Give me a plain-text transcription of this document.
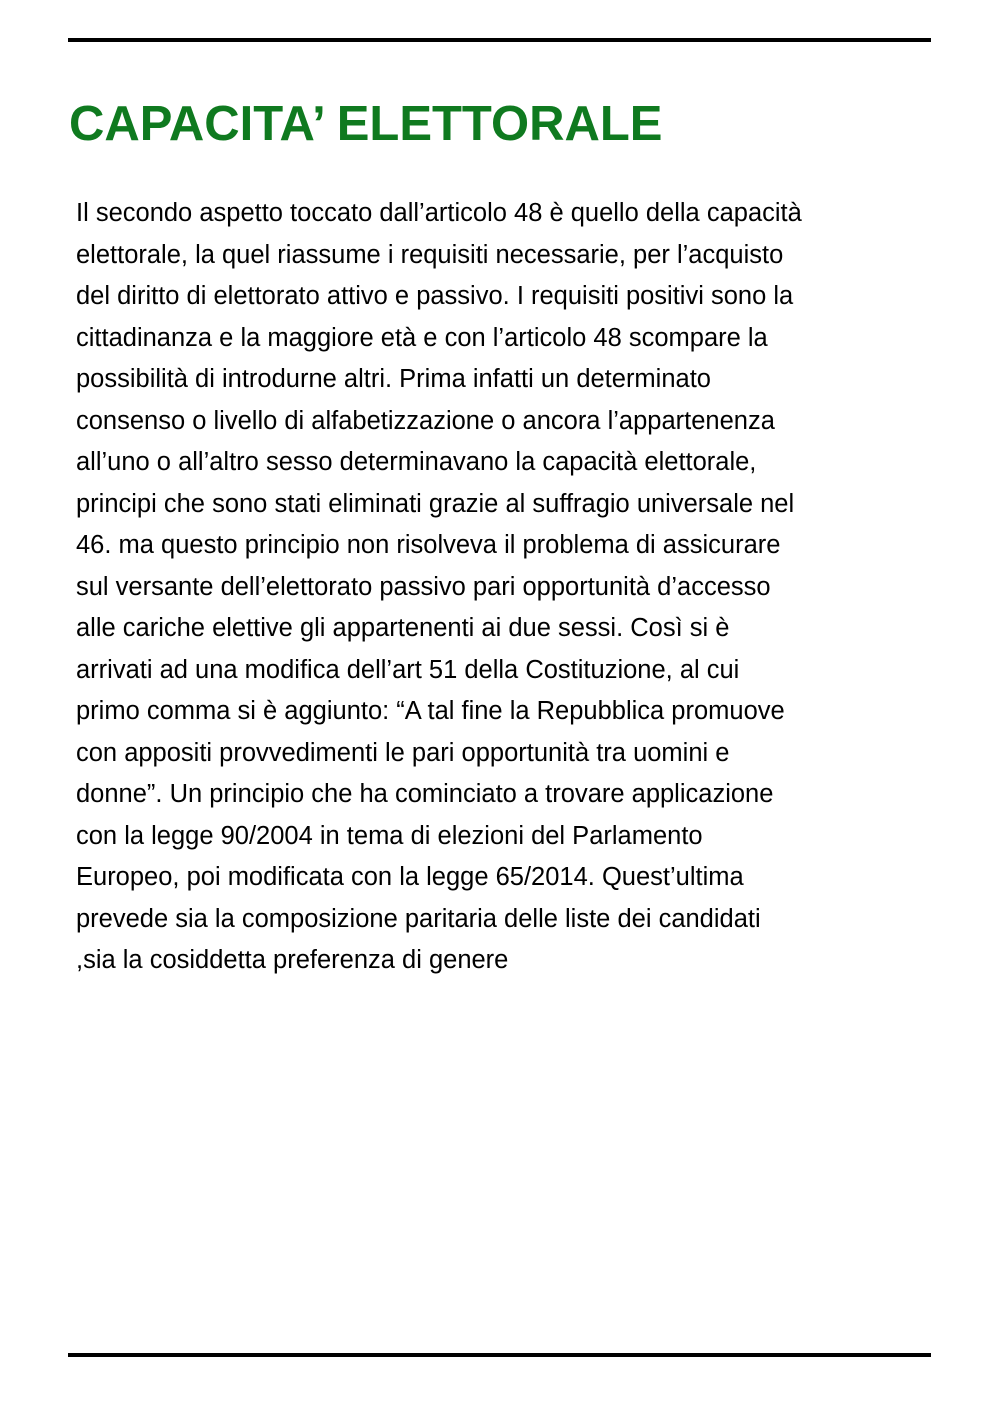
CAPACITA’ ELETTORALE

Il secondo aspetto toccato dall’articolo 48 è quello della capacità
elettorale, la quel riassume i requisiti necessarie, per l’acquisto
del diritto di elettorato attivo e passivo. I requisiti positivi sono la
cittadinanza e la maggiore età e con l’articolo 48 scompare la
possibilità di introdurne altri. Prima infatti un determinato
consenso o livello di alfabetizzazione o ancora l’appartenenza
all’uno o all’altro sesso determinavano la capacità elettorale,
principi che sono stati eliminati grazie al suffragio universale nel
46. ma questo principio non risolveva il problema di assicurare
sul versante dell’elettorato passivo pari opportunità d’accesso
alle cariche elettive gli appartenenti ai due sessi. Così si è
arrivati ad una modifica dell’art 51 della Costituzione, al cui
primo comma si è aggiunto: “A tal fine la Repubblica promuove
con appositi provvedimenti le pari opportunità tra uomini e
donne”. Un principio che ha cominciato a trovare applicazione
con la legge 90/2004 in tema di elezioni del Parlamento
Europeo, poi modificata con la legge 65/2014. Quest’ultima
prevede sia la composizione paritaria delle liste dei candidati
,sia la cosiddetta preferenza di genere
